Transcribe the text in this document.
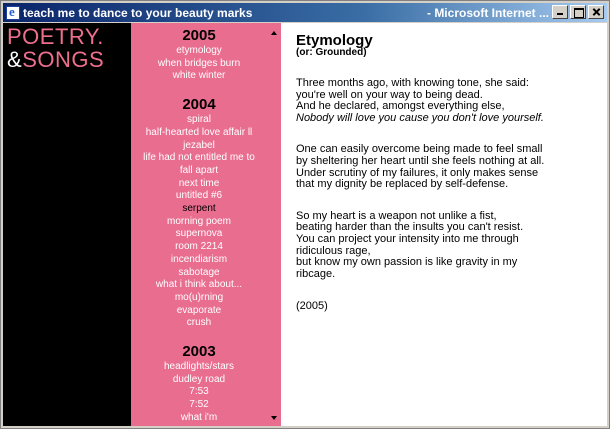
e
teach me to dance to your beauty marks	- Microsoft Internet ...
POETRY.
&SONGS
2005
etymology
when bridges burn
white winter
2004
spiral
half-hearted love affair ll
jezabel
life had not entitled me to
fall apart
next time
untitled #6
serpent
morning poem
supernova
room 2214
incendiarism
sabotage
what i think about...
mo(u)rning
evaporate
crush
2003
headlights/stars
dudley road
7:53
7:52
what i'm
Etymology
(or: Grounded)
Three months ago, with knowing tone, she said:
you're well on your way to being dead.
And he declared, amongst everything else,
Nobody will love you cause you don't love yourself.
One can easily overcome being made to feel small
by sheltering her heart until she feels nothing at all.
Under scrutiny of my failures, it only makes sense
that my dignity be replaced by self-defense.
So my heart is a weapon not unlike a fist,
beating harder than the insults you can't resist.
You can project your intensity into me through
ridiculous rage,
but know my own passion is like gravity in my
ribcage.
(2005)
